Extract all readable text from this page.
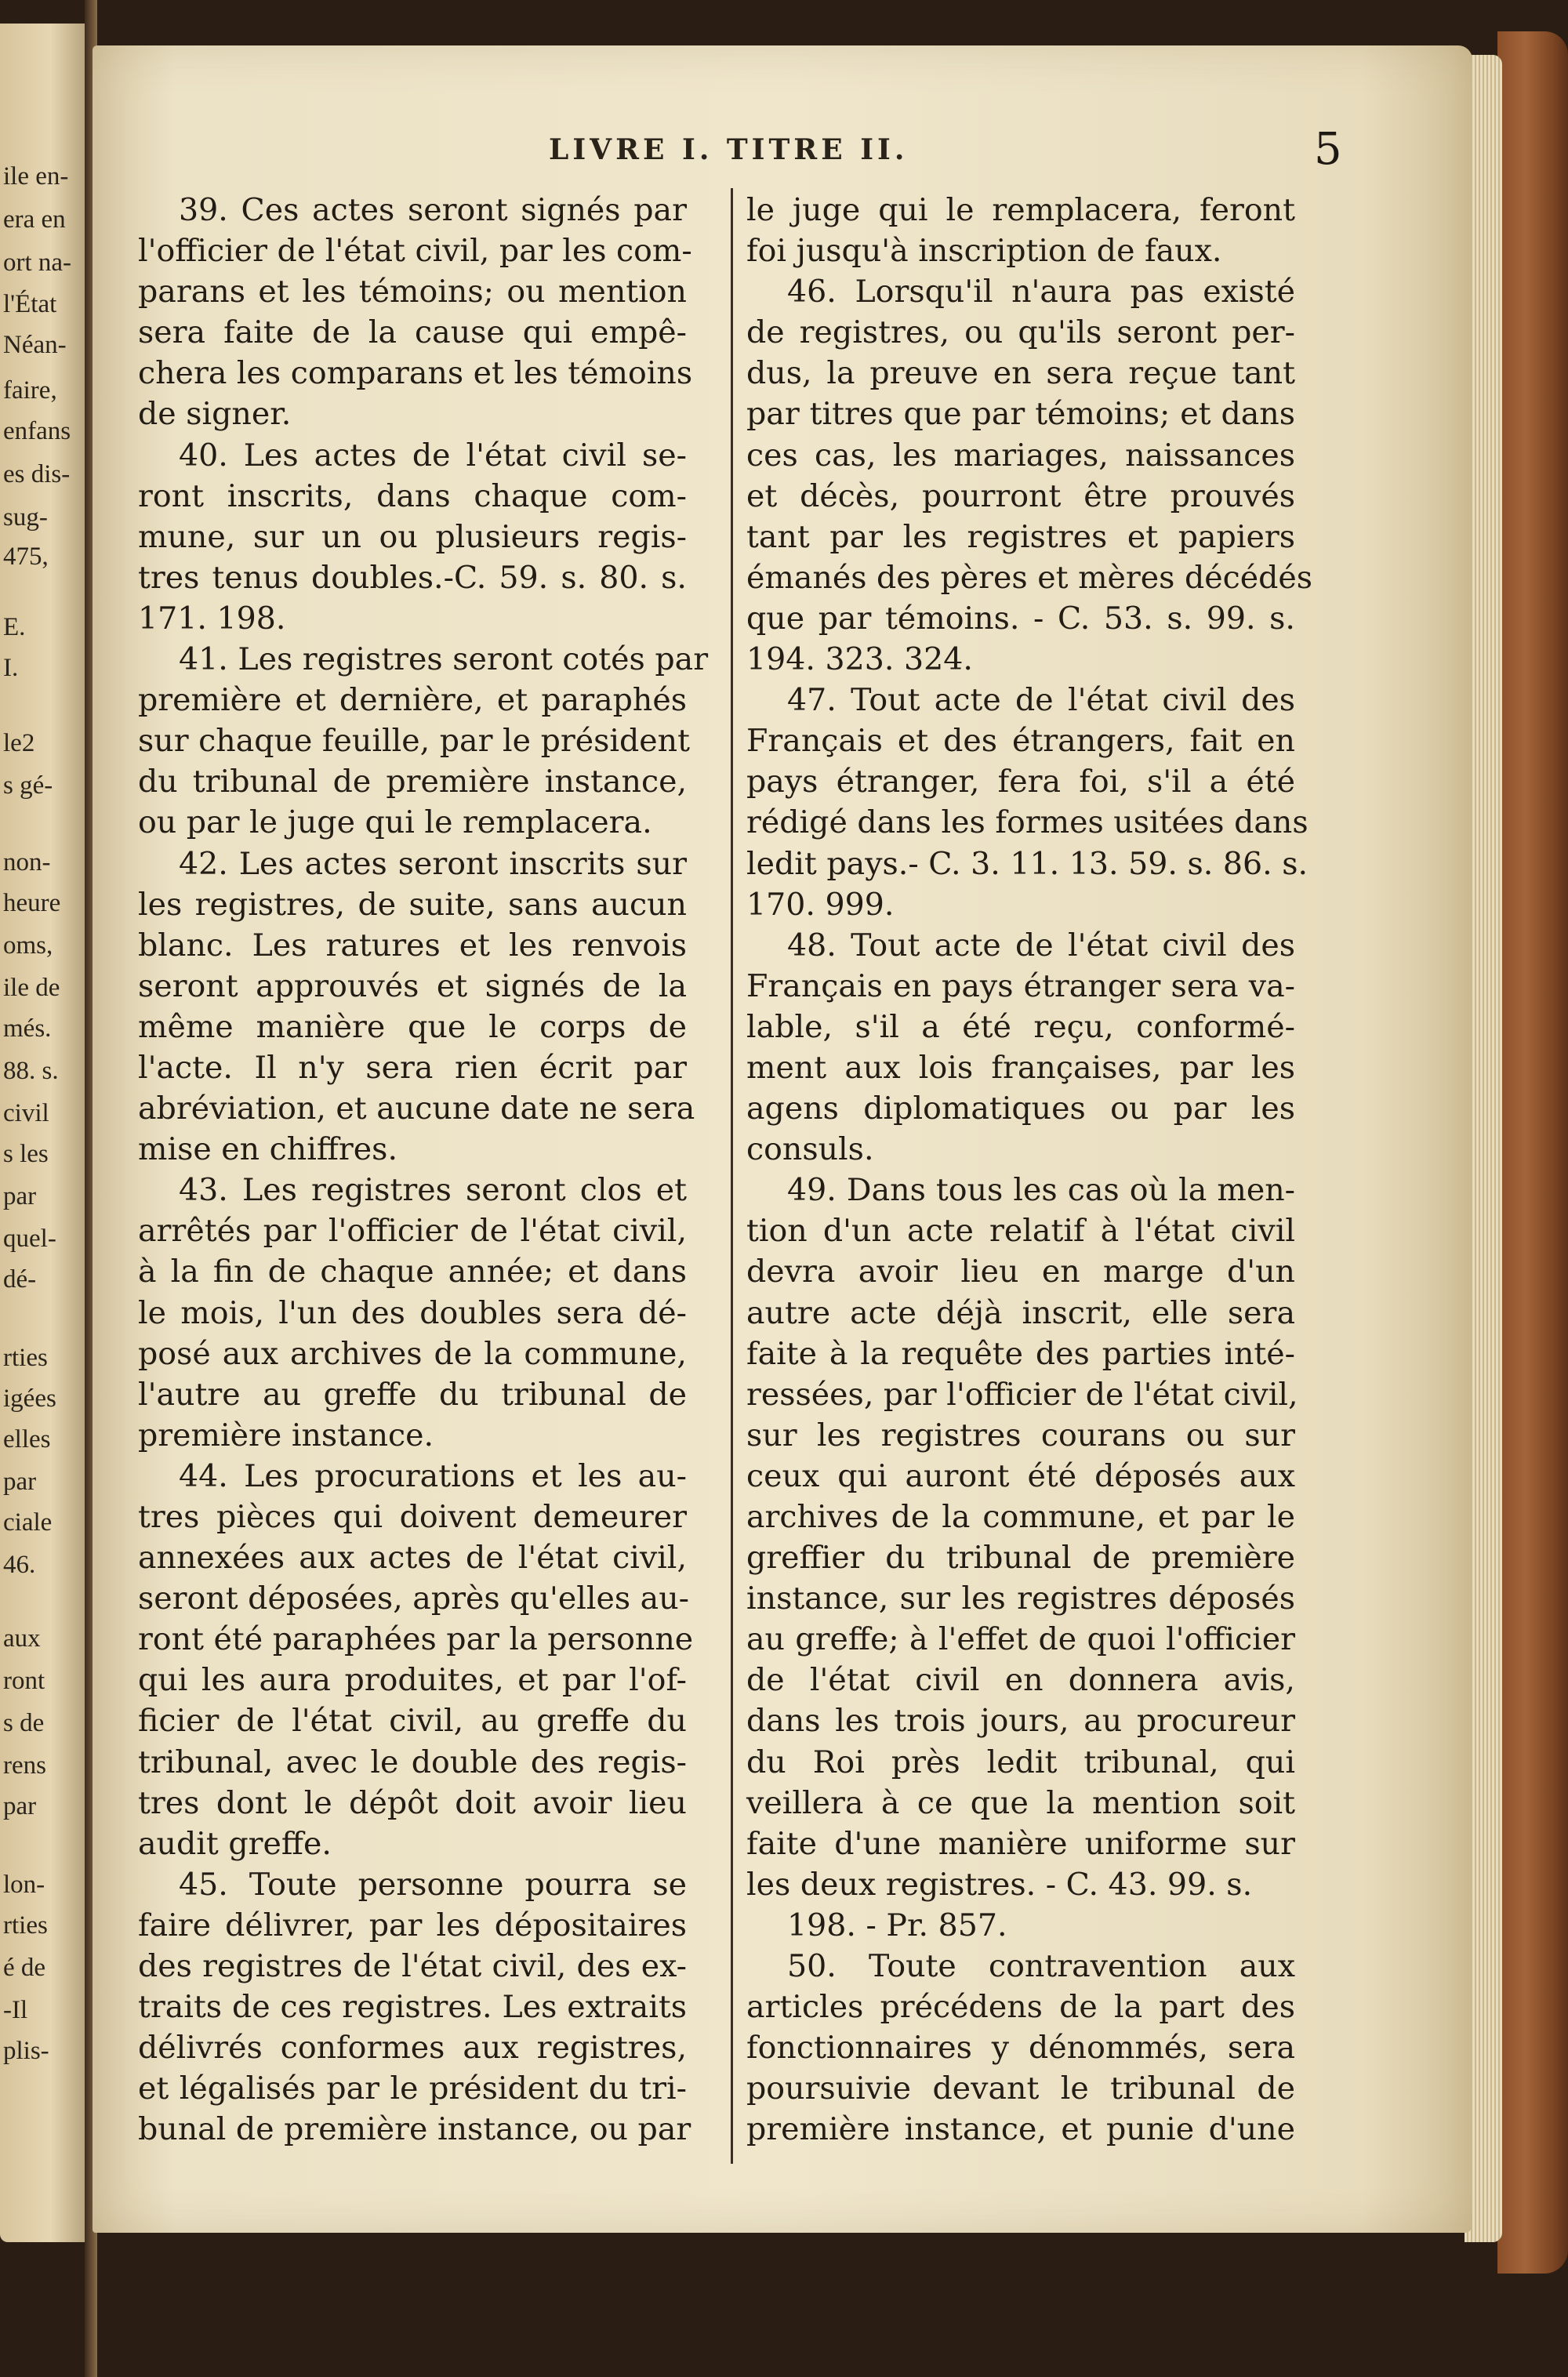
ile en-
era en
ort na-
l'État
Néan-
faire,
enfans
es dis-
sug-
475,
E.
I.
le2
s gé-
non-
heure
oms,
ile de
més.
88. s.
civil
s les
par
quel-
dé-
rties
igées
elles
par
ciale
46.
aux
ront
s de
rens
par
lon-
rties
é de
-Il
plis-
LIVRE I. TITRE II.	5
39. Ces actes seront signés par
l'officier de l'état civil, par les com-
parans et les témoins; ou mention
sera faite de la cause qui empê-
chera les comparans et les témoins
de signer.
40. Les actes de l'état civil se-
ront inscrits, dans chaque com-
mune, sur un ou plusieurs regis-
tres tenus doubles.-C. 59. s. 80. s.
171. 198.
41. Les registres seront cotés par
première et dernière, et paraphés
sur chaque feuille, par le président
du tribunal de première instance,
ou par le juge qui le remplacera.
42. Les actes seront inscrits sur
les registres, de suite, sans aucun
blanc. Les ratures et les renvois
seront approuvés et signés de la
même manière que le corps de
l'acte. Il n'y sera rien écrit par
abréviation, et aucune date ne sera
mise en chiffres.
43. Les registres seront clos et
arrêtés par l'officier de l'état civil,
à la fin de chaque année; et dans
le mois, l'un des doubles sera dé-
posé aux archives de la commune,
l'autre au greffe du tribunal de
première instance.
44. Les procurations et les au-
tres pièces qui doivent demeurer
annexées aux actes de l'état civil,
seront déposées, après qu'elles au-
ront été paraphées par la personne
qui les aura produites, et par l'of-
ficier de l'état civil, au greffe du
tribunal, avec le double des regis-
tres dont le dépôt doit avoir lieu
audit greffe.
45. Toute personne pourra se
faire délivrer, par les dépositaires
des registres de l'état civil, des ex-
traits de ces registres. Les extraits
délivrés conformes aux registres,
et légalisés par le président du tri-
bunal de première instance, ou par
le juge qui le remplacera, feront
foi jusqu'à inscription de faux.
46. Lorsqu'il n'aura pas existé
de registres, ou qu'ils seront per-
dus, la preuve en sera reçue tant
par titres que par témoins; et dans
ces cas, les mariages, naissances
et décès, pourront être prouvés
tant par les registres et papiers
émanés des pères et mères décédés
que par témoins. - C. 53. s. 99. s.
194. 323. 324.
47. Tout acte de l'état civil des
Français et des étrangers, fait en
pays étranger, fera foi, s'il a été
rédigé dans les formes usitées dans
ledit pays.- C. 3. 11. 13. 59. s. 86. s.
170. 999.
48. Tout acte de l'état civil des
Français en pays étranger sera va-
lable, s'il a été reçu, conformé-
ment aux lois françaises, par les
agens diplomatiques ou par les
consuls.
49. Dans tous les cas où la men-
tion d'un acte relatif à l'état civil
devra avoir lieu en marge d'un
autre acte déjà inscrit, elle sera
faite à la requête des parties inté-
ressées, par l'officier de l'état civil,
sur les registres courans ou sur
ceux qui auront été déposés aux
archives de la commune, et par le
greffier du tribunal de première
instance, sur les registres déposés
au greffe; à l'effet de quoi l'officier
de l'état civil en donnera avis,
dans les trois jours, au procureur
du Roi près ledit tribunal, qui
veillera à ce que la mention soit
faite d'une manière uniforme sur
les deux registres. - C. 43. 99. s.
198. - Pr. 857.
50. Toute contravention aux
articles précédens de la part des
fonctionnaires y dénommés, sera
poursuivie devant le tribunal de
première instance, et punie d'une
